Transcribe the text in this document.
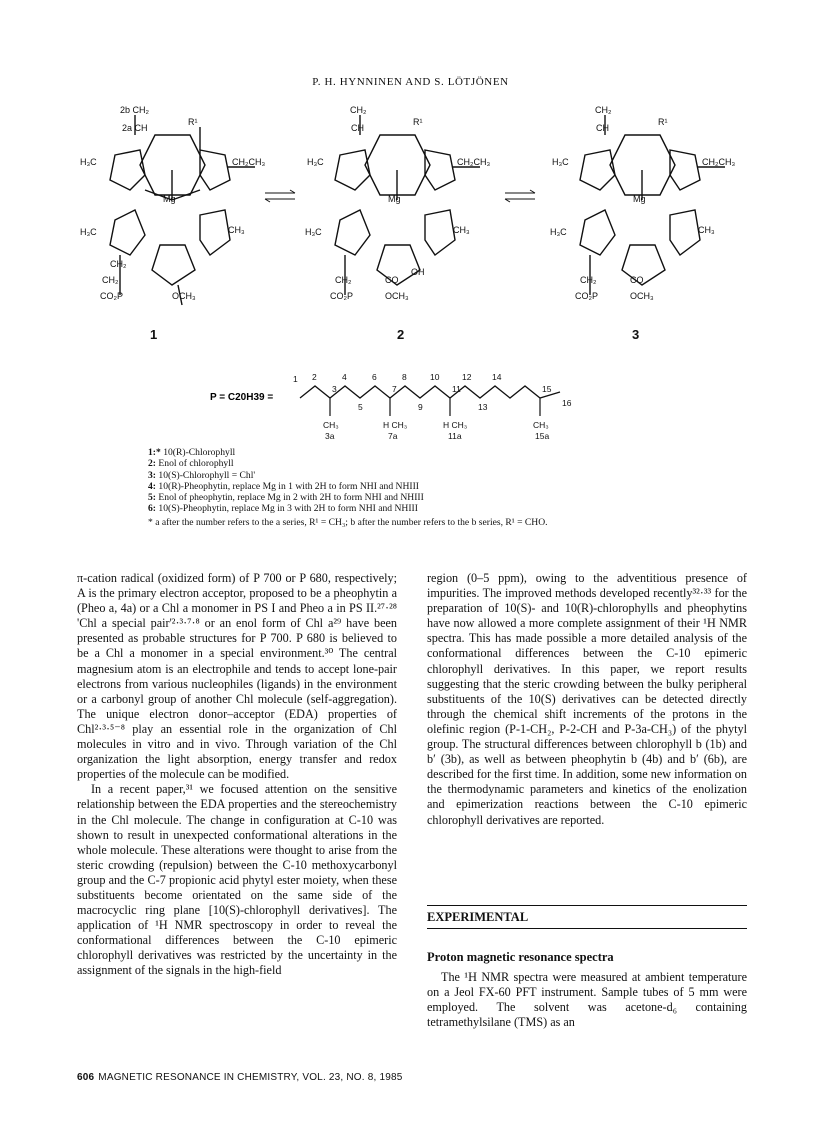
P. H. HYNNINEN AND S. LÖTJÖNEN
2b CH₂
2a CH
R¹
H₃C
Mg
CH₂CH₃
CH₃
H₃C
CH₂
CH₂
CO₂P	OCH₃
CH₂
CH
R¹
H₃C
Mg
CH₂CH₃
CH₃
H₃C
CH₂
CO₂P
CO
OH
OCH₃
CH₂
CH
R¹
H₃C
Mg
CH₂CH₃
CH₃
H₃C
CH₂
CO₂P
CO
OCH₃
1	2	3
P = C20H39 =
1 2
3
4
5
6
7
8
9
10
11
12
13
14
15
16
CH₃
3a
H CH₃
7a
H CH₃
11a
CH₃
15a
1:* 10(R)-Chlorophyll
2: Enol of chlorophyll
3: 10(S)-Chlorophyll = Chl'
4: 10(R)-Pheophytin, replace Mg in 1 with 2H to form NHI and NHIII
5: Enol of pheophytin, replace Mg in 2 with 2H to form NHI and NHIII
6: 10(S)-Pheophytin, replace Mg in 3 with 2H to form NHI and NHIII
* a after the number refers to the a series, R¹ = CH₃; b after the number refers to the b series, R¹ = CHO.

π-cation radical (oxidized form) of P 700 or P 680, respectively; A is the primary electron acceptor, proposed to be a pheophytin a (Pheo a, 4a) or a Chl a monomer in PS I and Pheo a in PS II.²⁷·²⁸ 'Chl a special pair'²·³·⁷·⁸ or an enol form of Chl a²⁹ have been presented as probable structures for P 700. P 680 is believed to be a Chl a monomer in a special environment.³⁰ The central magnesium atom is an electrophile and tends to accept lone-pair electrons from various nucleophiles (ligands) in the environment or a carbonyl group of another Chl molecule (self-aggregation). The unique electron donor–acceptor (EDA) properties of Chl²·³·⁵⁻⁸ play an essential role in the organization of Chl molecules in vitro and in vivo. Through variation of the Chl organization the light absorption, energy transfer and redox properties of the molecule can be modified.

In a recent paper,³¹ we focused attention on the sensitive relationship between the EDA properties and the stereochemistry in the Chl molecule. The change in configuration at C-10 was shown to result in unexpected conformational alterations in the whole molecule. These alterations were thought to arise from the steric crowding (repulsion) between the C-10 methoxycarbonyl group and the C-7 propionic acid phytyl ester moiety, when these substituents become orientated on the same side of the macrocyclic ring plane [10(S)-chlorophyll derivatives]. The application of ¹H NMR spectroscopy in order to reveal the conformational differences between the C-10 epimeric chlorophyll derivatives was restricted by the uncertainty in the assignment of the signals in the high-field

region (0–5 ppm), owing to the adventitious presence of impurities. The improved methods developed recently³²·³³ for the preparation of 10(S)- and 10(R)-chlorophylls and pheophytins have now allowed a more complete assignment of their ¹H NMR spectra. This has made possible a more detailed analysis of the conformational differences between the C-10 epimeric chlorophyll derivatives. In this paper, we report results suggesting that the steric crowding between the bulky peripheral substituents of the 10(S) derivatives can be detected directly through the chemical shift increments of the protons in the olefinic region (P-1-CH₂, P-2-CH and P-3a-CH₃) of the phytyl group. The structural differences between chlorophyll b (1b) and b′ (3b), as well as between pheophytin b (4b) and b′ (6b), are described for the first time. In addition, some new information on the thermodynamic parameters and kinetics of the enolization and epimerization reactions between the C-10 epimeric chlorophyll derivatives are reported.

EXPERIMENTAL
Proton magnetic resonance spectra

The ¹H NMR spectra were measured at ambient temperature on a Jeol FX-60 PFT instrument. Sample tubes of 5 mm were employed. The solvent was acetone-d₆ containing tetramethylsilane (TMS) as an

606 MAGNETIC RESONANCE IN CHEMISTRY, VOL. 23, NO. 8, 1985
